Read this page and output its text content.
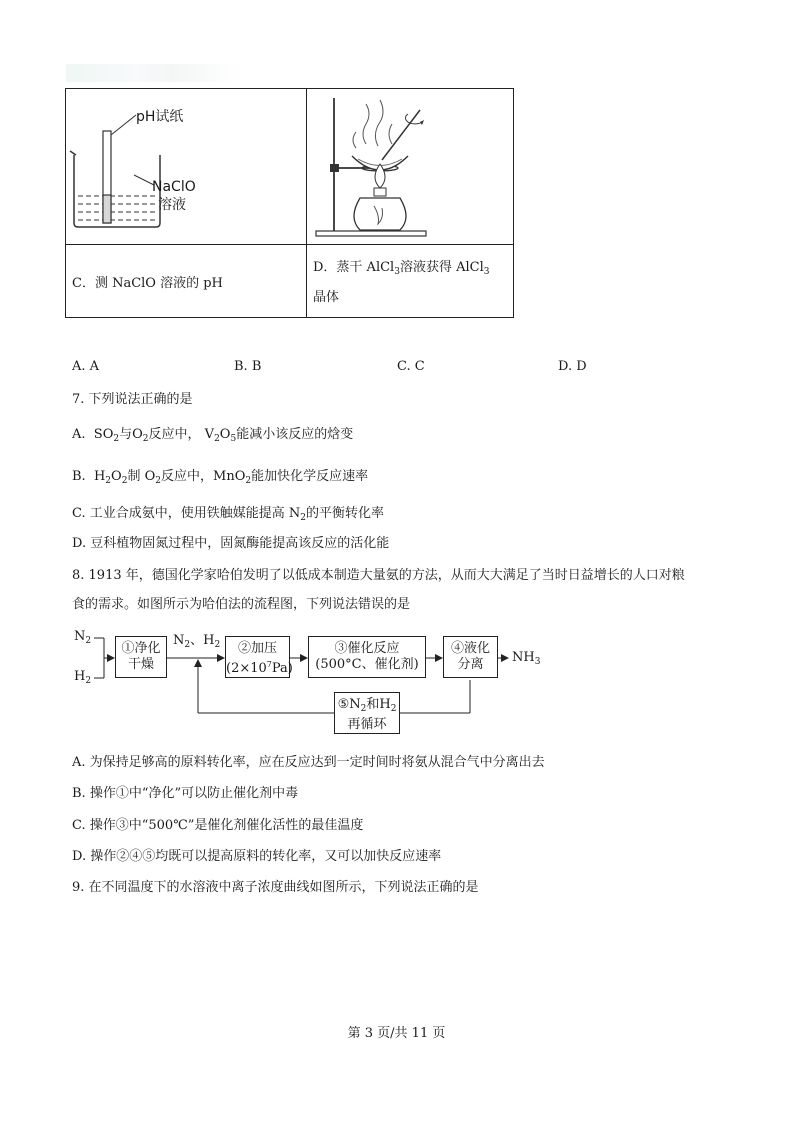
pH试纸
NaClO
溶液
C．测 NaClO 溶液的 pH
D．蒸干 AlCl$_3$溶液获得 AlCl$_3$
晶体
A. A	B. B	C. C	D. D
7. 下列说法正确的是
A. $SO_2$与$O_2$反应中， $V_2O_5$能减小该反应的焓变
B. $H_2O_2$制 $O_2$反应中，MnO$_2$能加快化学反应速率
C. 工业合成氨中，使用铁触媒能提高 $N_2$的平衡转化率
D. 豆科植物固氮过程中，固氮酶能提高该反应的活化能
8. 1913 年，德国化学家哈伯发明了以低成本制造大量氨的方法，从而大大满足了当时日益增长的人口对粮
食的需求。如图所示为哈伯法的流程图，下列说法错误的是
$N_2$
$H_2$
①净化
干燥
$N_2$、$H_2$	②加压
$(2\times 10^7Pa)$
③催化反应
(500°C、催化剂)
④液化
分离	$NH_3$
$⑤N_2$和$H_2$
再循环
A. 为保持足够高的原料转化率，应在反应达到一定时间时将氨从混合气中分离出去
B. 操作①中“净化”可以防止催化剂中毒
C. 操作③中“500℃”是催化剂催化活性的最佳温度
D. 操作②④⑤均既可以提高原料的转化率，又可以加快反应速率
9. 在不同温度下的水溶液中离子浓度曲线如图所示，下列说法正确的是
第 3 页/共 11 页
